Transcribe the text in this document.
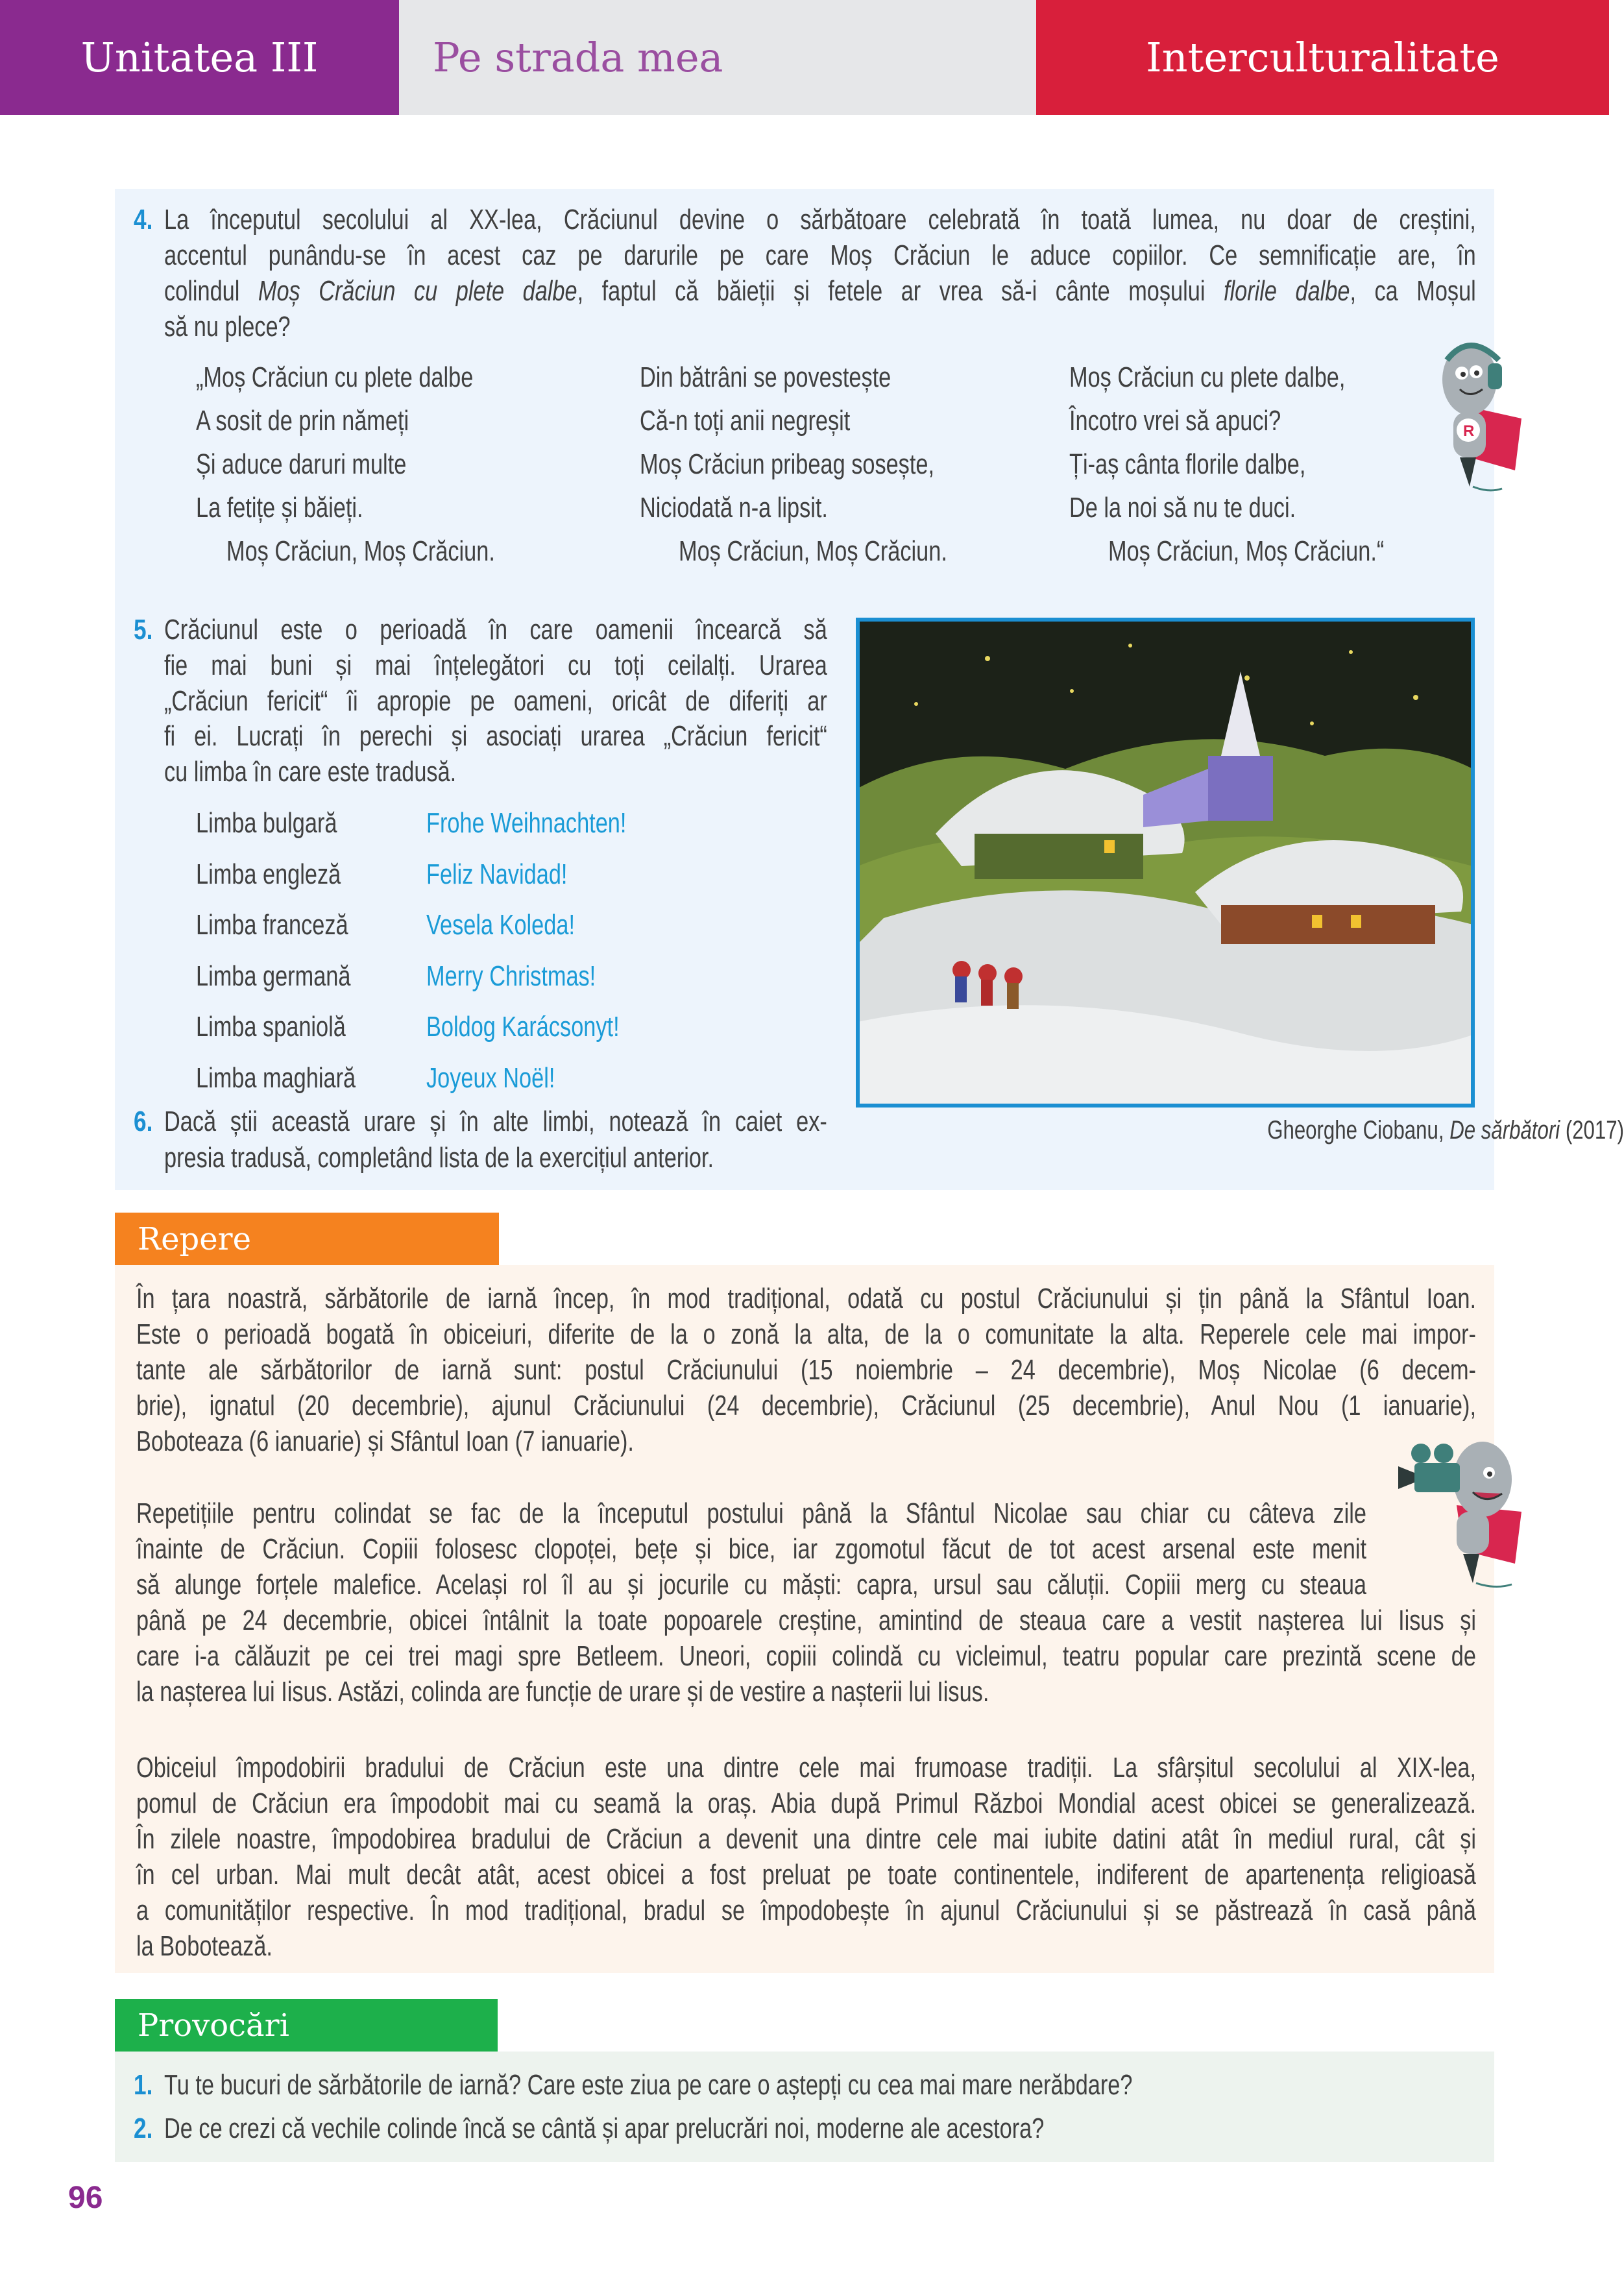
Unitatea III	Pe strada mea	Interculturalitate
4. La începutul secolului al XX-lea, Crăciunul devine o sărbătoare celebrată în toată lumea, nu doar de creștini,
accentul punându-se în acest caz pe darurile pe care Moș Crăciun le aduce copiilor. Ce semnificație are, în
colindul Moș Crăciun cu plete dalbe, faptul că băieții și fetele ar vrea să-i cânte moșului florile dalbe, ca Moșul
să nu plece?
„Moș Crăciun cu plete dalbe
A sosit de prin nămeți
Și aduce daruri multe
La fetițe și băieți.
Moș Crăciun, Moș Crăciun.
Din bătrâni se povestește
Că-n toți anii negreșit
Moș Crăciun pribeag sosește,
Niciodată n-a lipsit.
Moș Crăciun, Moș Crăciun.
Moș Crăciun cu plete dalbe,
Încotro vrei să apuci?
Ți-aș cânta florile dalbe,
De la noi să nu te duci.
Moș Crăciun, Moș Crăciun.“
R
5. Crăciunul este o perioadă în care oamenii încearcă să
fie mai buni și mai înțelegători cu toți ceilalți. Urarea
„Crăciun fericit“ îi apropie pe oameni, oricât de diferiți ar
fi ei. Lucrați în perechi și asociați urarea „Crăciun fericit“
cu limba în care este tradusă.
Limba bulgară	Frohe Weihnachten!
Limba engleză	Feliz Navidad!
Limba franceză	Vesela Koleda!
Limba germană	Merry Christmas!
Limba spaniolă	Boldog Karácsonyt!
Limba maghiară Joyeux Noël!
6. Dacă știi această urare și în alte limbi, notează în caiet ex-
presia tradusă, completând lista de la exercițiul anterior.
Gheorghe Ciobanu, De sărbători (2017)
Repere
În țara noastră, sărbătorile de iarnă încep, în mod tradițional, odată cu postul Crăciunului și țin până la Sfântul Ioan.
Este o perioadă bogată în obiceiuri, diferite de la o zonă la alta, de la o comunitate la alta. Reperele cele mai impor-
tante ale sărbătorilor de iarnă sunt: postul Crăciunului (15 noiembrie – 24 decembrie), Moș Nicolae (6 decem-
brie), ignatul (20 decembrie), ajunul Crăciunului (24 decembrie), Crăciunul (25 decembrie), Anul Nou (1 ianuarie),
Boboteaza (6 ianuarie) și Sfântul Ioan (7 ianuarie).
Repetițiile pentru colindat se fac de la începutul postului până la Sfântul Nicolae sau chiar cu câteva zile
înainte de Crăciun. Copiii folosesc clopoței, bețe și bice, iar zgomotul făcut de tot acest arsenal este menit
să alunge forțele malefice. Același rol îl au și jocurile cu măști: capra, ursul sau căluții. Copiii merg cu steaua
până pe 24 decembrie, obicei întâlnit la toate popoarele creștine, amintind de steaua care a vestit nașterea lui Iisus și
care i-a călăuzit pe cei trei magi spre Betleem. Uneori, copiii colindă cu vicleimul, teatru popular care prezintă scene de
la nașterea lui Iisus. Astăzi, colinda are funcție de urare și de vestire a nașterii lui Iisus.
Obiceiul împodobirii bradului de Crăciun este una dintre cele mai frumoase tradiții. La sfârșitul secolului al XIX-lea,
pomul de Crăciun era împodobit mai cu seamă la oraș. Abia după Primul Război Mondial acest obicei se generalizează.
În zilele noastre, împodobirea bradului de Crăciun a devenit una dintre cele mai iubite datini atât în mediul rural, cât și
în cel urban. Mai mult decât atât, acest obicei a fost preluat pe toate continentele, indiferent de apartenența religioasă
a comunităților respective. În mod tradițional, bradul se împodobește în ajunul Crăciunului și se păstrează în casă până
la Bobotează.
Provocări
1. Tu te bucuri de sărbătorile de iarnă? Care este ziua pe care o aștepți cu cea mai mare nerăbdare?
2. De ce crezi că vechile colinde încă se cântă și apar prelucrări noi, moderne ale acestora?
96
